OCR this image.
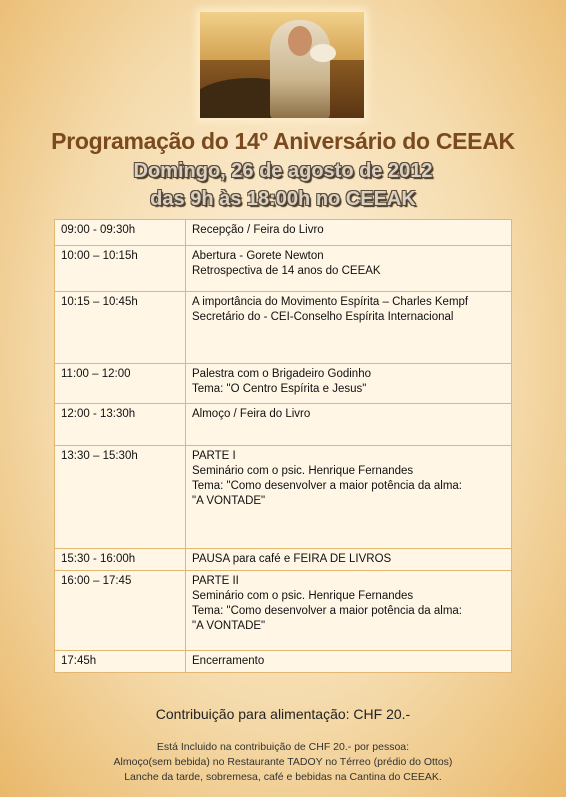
Programação do 14º Aniversário do CEEAK
Domingo, 26 de agosto de 2012
das 9h às 18:00h no CEEAK
09:00 - 09:30h	Recepção / Feira do Livro

10:00 – 10:15h	Abertura - Gorete Newton
Retrospectiva de 14 anos do CEEAK

10:15 – 10:45h	A importância do Movimento Espírita – Charles Kempf
Secretário do - CEI-Conselho Espírita Internacional

11:00 – 12:00	Palestra com o Brigadeiro Godinho
Tema: "O Centro Espírita e Jesus"

12:00 - 13:30h	Almoço / Feira do Livro

13:30 – 15:30h	PARTE I
Seminário com o psic. Henrique Fernandes
Tema: "Como desenvolver a maior potência da alma:
"A VONTADE"

15:30 - 16:00h	PAUSA para café e FEIRA DE LIVROS

16:00 – 17:45	PARTE II
Seminário com o psic. Henrique Fernandes
Tema: "Como desenvolver a maior potência da alma:
"A VONTADE"

17:45h	Encerramento
Contribuição para alimentação: CHF 20.-
Está Incluido na contribuição de CHF 20.- por pessoa:
Almoço(sem bebida) no Restaurante TADOY no Térreo (prédio do Ottos)
Lanche da tarde, sobremesa, café e bebidas na Cantina do CEEAK.
